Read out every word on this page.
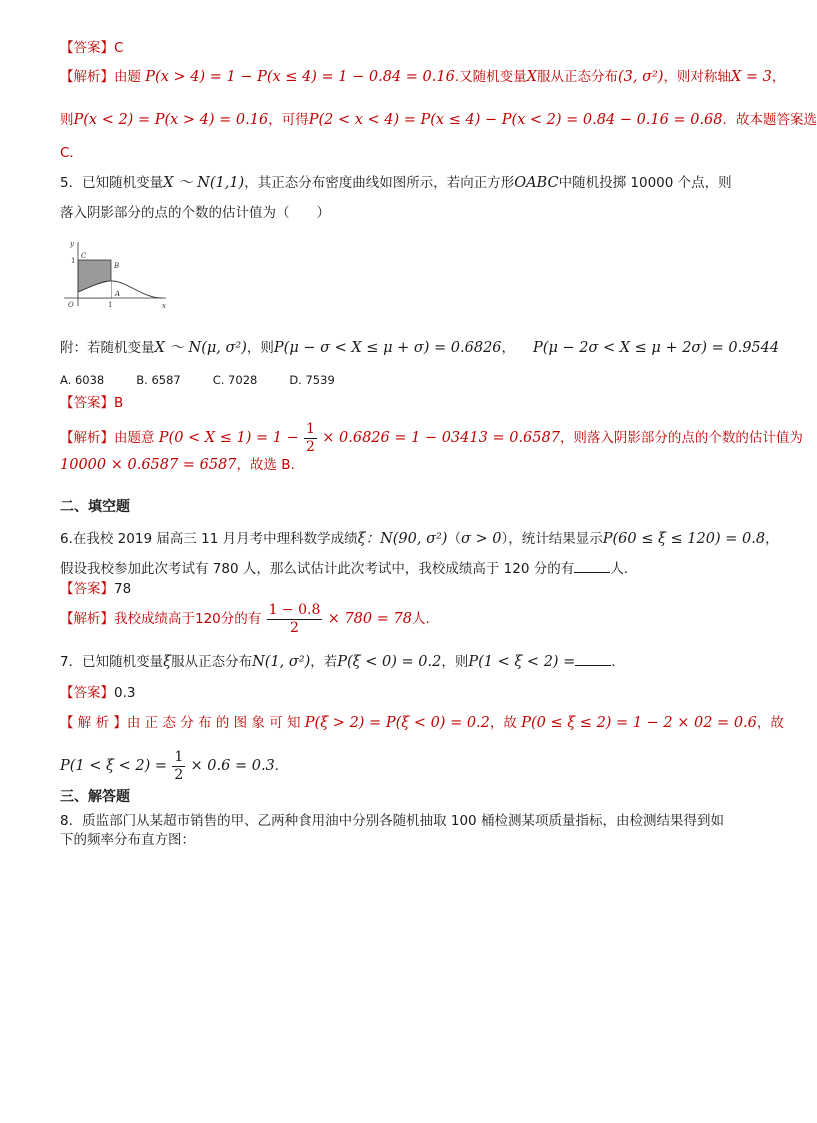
【答案】C
【解析】由题 P(x > 4) = 1 − P(x ≤ 4) = 1 − 0.84 = 0.16.又随机变量X服从正态分布(3, σ²)，则对称轴X = 3，
则P(x < 2) = P(x > 4) = 0.16，可得P(2 < x < 4) = P(x ≤ 4) − P(x < 2) = 0.84 − 0.16 = 0.68．故本题答案选
C．
5．已知随机变量X ～ N(1,1)，其正态分布密度曲线如图所示，若向正方形OABC中随机投掷 10000 个点，则
落入阴影部分的点的个数的估计值为（　　）
y
x
C
B
A
O
1
1
附：若随机变量X ～ N(μ, σ²)，则P(μ − σ < X ≤ μ + σ) = 0.6826， P(μ − 2σ < X ≤ μ + 2σ) = 0.9544
A. 6038	B. 6587	C. 7028	D. 7539
【答案】B
【解析】由题意 $P(0 < X \le 1) = 1 - \frac{1}{2} \times 0.6826 = 1 - 03413 = 0.6587$，则落入阴影部分的点的个数的估计值为
10000 × 0.6587 = 6587，故选 B.
二、填空题
6.在我校 2019 届高三 11 月月考中理科数学成绩ξ：N(90, σ²)（σ > 0），统计结果显示P(60 ≤ ξ ≤ 120) = 0.8，
假设我校参加此次考试有 780 人，那么试估计此次考试中，我校成绩高于 120 分的有	人．
【答案】78
【解析】我校成绩高于120分的有 $\frac{1 - 0.8}{2} \times 780 = 78$人.
7．已知随机变量ξ服从正态分布N(1, σ²)，若P(ξ < 0) = 0.2，则P(1 < ξ < 2) =	．
【答案】0.3
【 解 析 】由 正 态 分 布 的 图 象 可 知 P(ξ > 2) = P(ξ < 0) = 0.2，故 P(0 ≤ ξ ≤ 2) = 1 − 2 × 02 = 0.6，故
$P(1 < \xi < 2) = \frac{1}{2} \times 0.6 = 0.3$．
三、解答题
8．质监部门从某超市销售的甲、乙两种食用油中分别各随机抽取 100 桶检测某项质量指标，由检测结果得到如
下的频率分布直方图：
